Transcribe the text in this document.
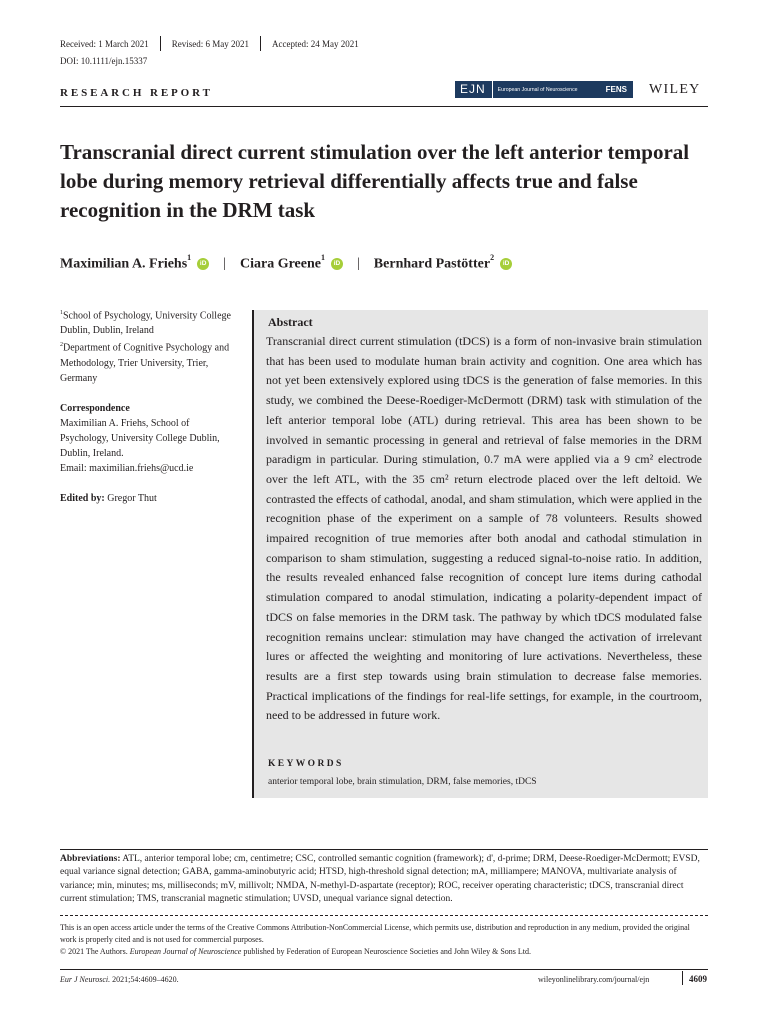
Received: 1 March 2021	Revised: 6 May 2021	Accepted: 24 May 2021
DOI: 10.1111/ejn.15337
RESEARCH REPORT	EJN	European Journal of Neuroscience	FENS	WILEY
Transcranial direct current stimulation over the left anterior temporal lobe during memory retrieval differentially affects true and false recognition in the DRM task
Maximilian A. Friehs$^1$
iD | Ciara Greene$^1$
iD | Bernhard Pastötter$^2$
iD

$^1$School of Psychology, University College Dublin, Dublin, Ireland

$^2$Department of Cognitive Psychology and Methodology, Trier University, Trier, Germany

Correspondence

Maximilian A. Friehs, School of Psychology, University College Dublin, Dublin, Ireland.

Email: maximilian.friehs@ucd.ie

Edited by: Gregor Thut

Abstract

Transcranial direct current stimulation (tDCS) is a form of non-invasive brain stimulation that has been used to modulate human brain activity and cognition. One area which has not yet been extensively explored using tDCS is the generation of false memories. In this study, we combined the Deese-Roediger-McDermott (DRM) task with stimulation of the left anterior temporal lobe (ATL) during retrieval. This area has been shown to be involved in semantic processing in general and retrieval of false memories in the DRM paradigm in particular. During stimulation, 0.7 mA were applied via a 9 cm² electrode over the left ATL, with the 35 cm² return electrode placed over the left deltoid. We contrasted the effects of cathodal, anodal, and sham stimulation, which were applied in the recognition phase of the experiment on a sample of 78 volunteers. Results showed impaired recognition of true memories after both anodal and cathodal stimulation in comparison to sham stimulation, suggesting a reduced signal-to-noise ratio. In addition, the results revealed enhanced false recognition of concept lure items during cathodal stimulation compared to anodal stimulation, indicating a polarity-dependent impact of tDCS on false memories in the DRM task. The pathway by which tDCS modulated false recognition remains unclear: stimulation may have changed the activation of irrelevant lures or affected the weighting and monitoring of lure activations. Nevertheless, these results are a first step towards using brain stimulation to decrease false memories. Practical implications of the findings for real-life settings, for example, in the courtroom, need to be addressed in future work.

KEYWORDS
anterior temporal lobe, brain stimulation, DRM, false memories, tDCS

Abbreviations: ATL, anterior temporal lobe; cm, centimetre; CSC, controlled semantic cognition (framework); d', d-prime; DRM, Deese-Roediger-McDermott; EVSD, equal variance signal detection; GABA, gamma-aminobutyric acid; HTSD, high-threshold signal detection; mA, milliampere; MANOVA, multivariate analysis of variance; min, minutes; ms, milliseconds; mV, millivolt; NMDA, N-methyl-D-aspartate (receptor); ROC, receiver operating characteristic; tDCS, transcranial direct current stimulation; TMS, transcranial magnetic stimulation; UVSD, unequal variance signal detection.

This is an open access article under the terms of the Creative Commons Attribution-NonCommercial License, which permits use, distribution and reproduction in any medium, provided the original work is properly cited and is not used for commercial purposes.
© 2021 The Authors. European Journal of Neuroscience published by Federation of European Neuroscience Societies and John Wiley & Sons Ltd.

Eur J Neurosci. 2021;54:4609–4620.	wileyonlinelibrary.com/journal/ejn	4609
